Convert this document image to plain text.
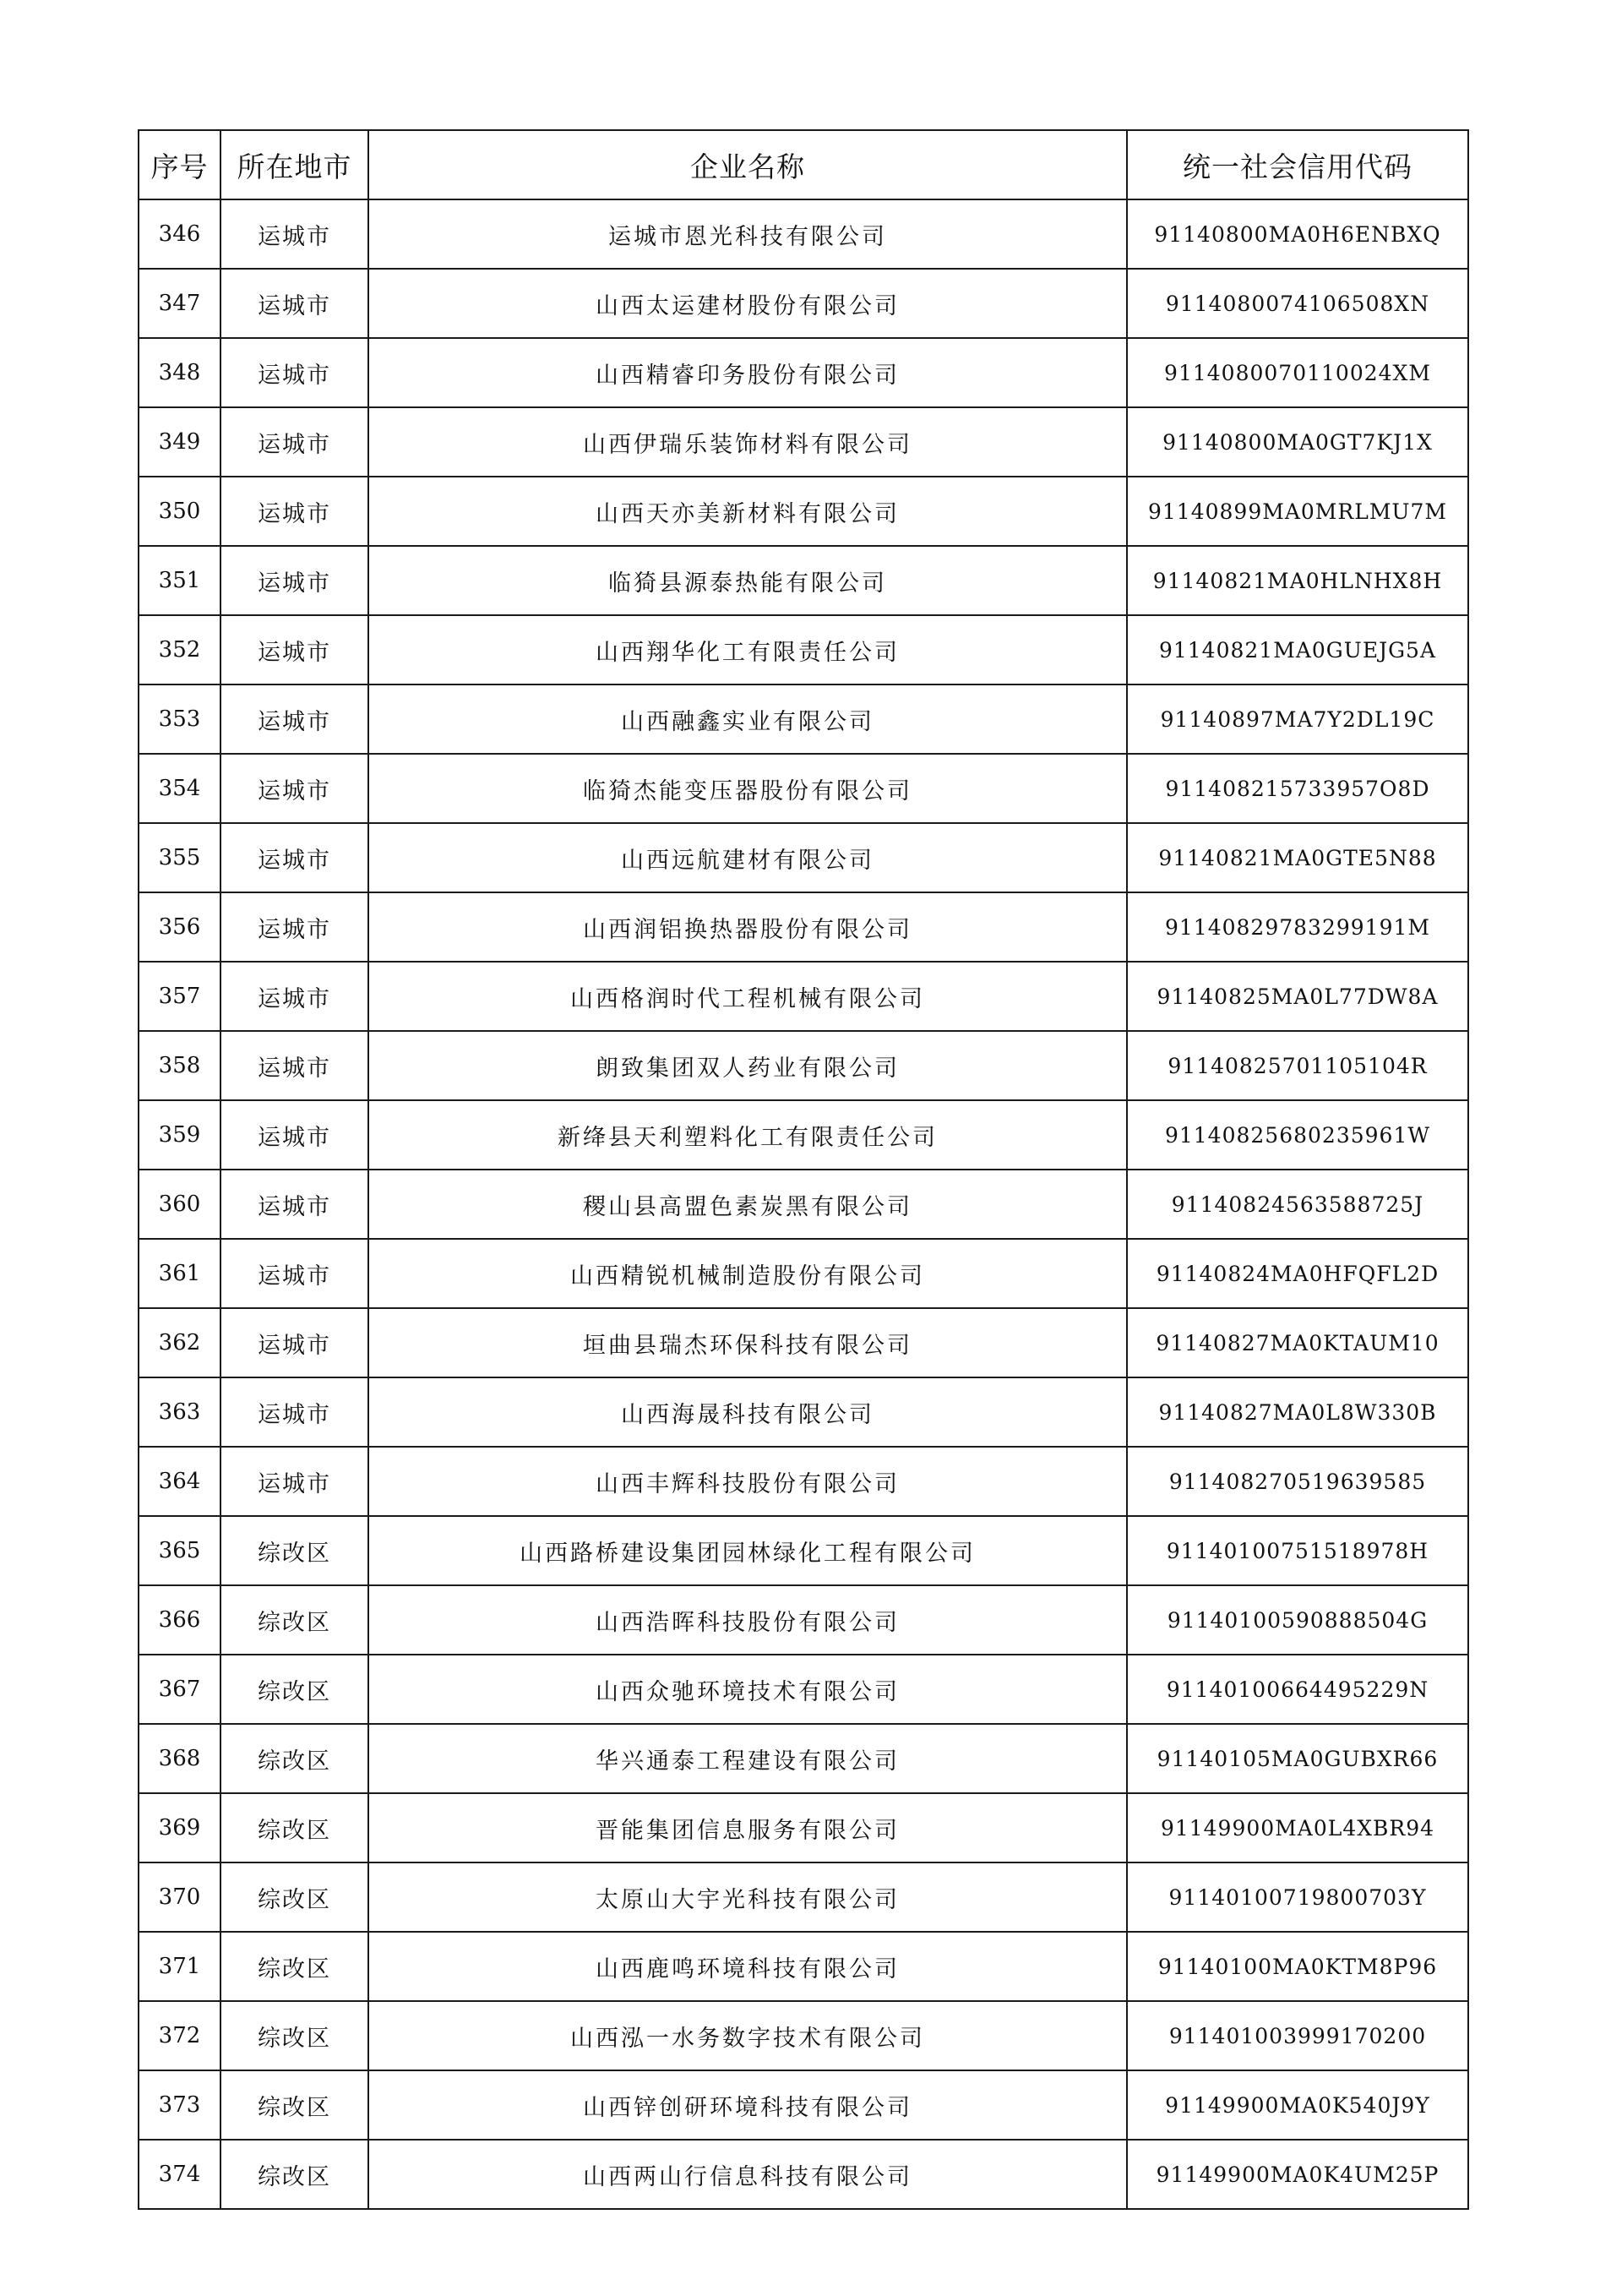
序号	所在地市	企业名称	统一社会信用代码
346	运城市	运城市恩光科技有限公司	91140800MA0H6ENBXQ
347	运城市	山西太运建材股份有限公司	9114080074106508XN
348	运城市	山西精睿印务股份有限公司	9114080070110024XM
349	运城市	山西伊瑞乐装饰材料有限公司	91140800MA0GT7KJ1X
350	运城市	山西天亦美新材料有限公司	91140899MA0MRLMU7M
351	运城市	临猗县源泰热能有限公司	91140821MA0HLNHX8H
352	运城市	山西翔华化工有限责任公司	91140821MA0GUEJG5A
353	运城市	山西融鑫实业有限公司	91140897MA7Y2DL19C
354	运城市	临猗杰能变压器股份有限公司	911408215733957O8D
355	运城市	山西远航建材有限公司	91140821MA0GTE5N88
356	运城市	山西润铝换热器股份有限公司	91140829783299191M
357	运城市	山西格润时代工程机械有限公司	91140825MA0L77DW8A
358	运城市	朗致集团双人药业有限公司	91140825701105104R
359	运城市	新绛县天利塑料化工有限责任公司	91140825680235961W
360	运城市	稷山县高盟色素炭黑有限公司	91140824563588725J
361	运城市	山西精锐机械制造股份有限公司	91140824MA0HFQFL2D
362	运城市	垣曲县瑞杰环保科技有限公司	91140827MA0KTAUM10
363	运城市	山西海晟科技有限公司	91140827MA0L8W330B
364	运城市	山西丰辉科技股份有限公司	911408270519639585
365	综改区	山西路桥建设集团园林绿化工程有限公司	91140100751518978H
366	综改区	山西浩晖科技股份有限公司	91140100590888504G
367	综改区	山西众驰环境技术有限公司	91140100664495229N
368	综改区	华兴通泰工程建设有限公司	91140105MA0GUBXR66
369	综改区	晋能集团信息服务有限公司	91149900MA0L4XBR94
370	综改区	太原山大宇光科技有限公司	91140100719800703Y
371	综改区	山西鹿鸣环境科技有限公司	91140100MA0KTM8P96
372	综改区	山西泓一水务数字技术有限公司	911401003999170200
373	综改区	山西锌创研环境科技有限公司	91149900MA0K540J9Y
374	综改区	山西两山行信息科技有限公司	91149900MA0K4UM25P
